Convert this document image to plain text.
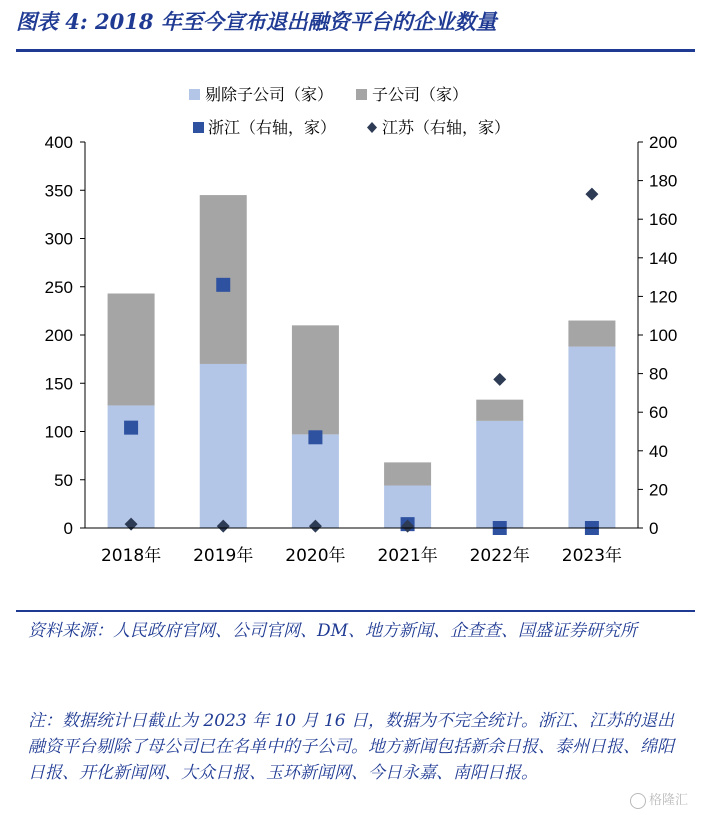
图表 4: 2018 年至今宣布退出融资平台的企业数量
剔除子公司（家） 子公司（家）
浙江（右轴，家）	江苏（右轴，家）
0
50
100
150
200
250
300
350
400
0
20
40
60
80
100
120
140
160
180
200
2018年 2019年 2020年 2021年 2022年 2023年
资料来源：人民政府官网、公司官网、DM、地方新闻、企查查、国盛证券研究所
注：数据统计日截止为 2023 年 10 月 16 日，数据为不完全统计。浙江、江苏的退出融资平台剔除了母公司已在名单中的子公司。地方新闻包括新余日报、泰州日报、绵阳日报、开化新闻网、大众日报、玉环新闻网、今日永嘉、南阳日报。
格隆汇
